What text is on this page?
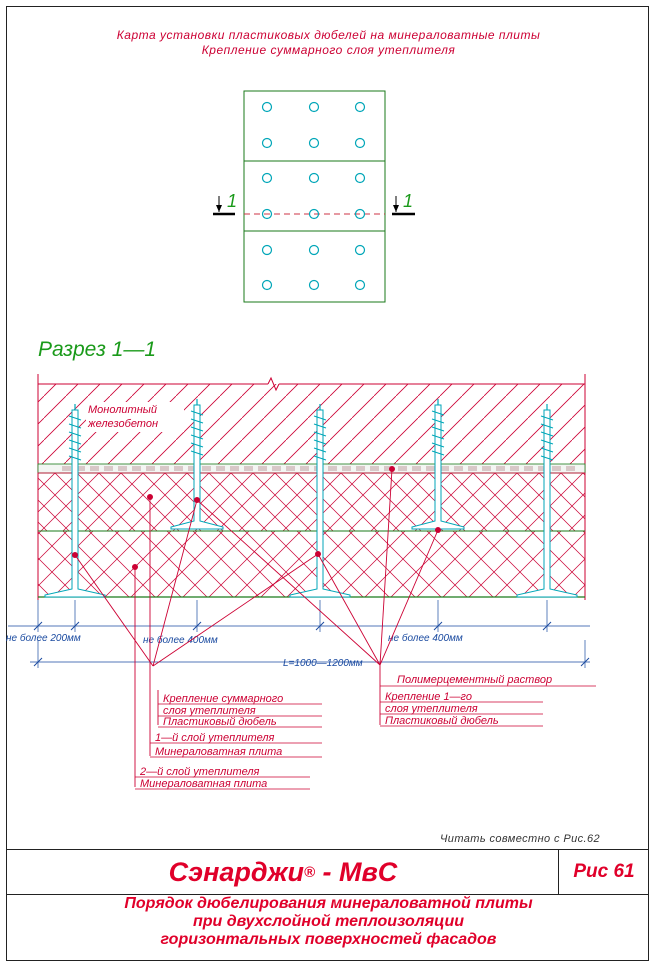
Карта установки пластиковых дюбелей на минераловатные плиты
Крепление суммарного слоя утеплителя
1	1
Разрез 1—1
Монолитный
железобетон
не более 200мм	не более 400мм	не более 400мм
L=1000—1200мм
Крепление суммарного
слоя утеплителя
Пластиковый дюбель
1—й слой утеплителя
Минераловатная плита
2—й слой утеплителя
Минераловатная плита
Полимерцементный раствор
Крепление 1—го
слоя утеплителя
Пластиковый дюбель
Читать совместно с Рис.62
Сэнарджи ® - МвС	Рис 61
Порядок дюбелирования минераловатной плиты
при двухслойной теплоизоляции
горизонтальных поверхностей фасадов
